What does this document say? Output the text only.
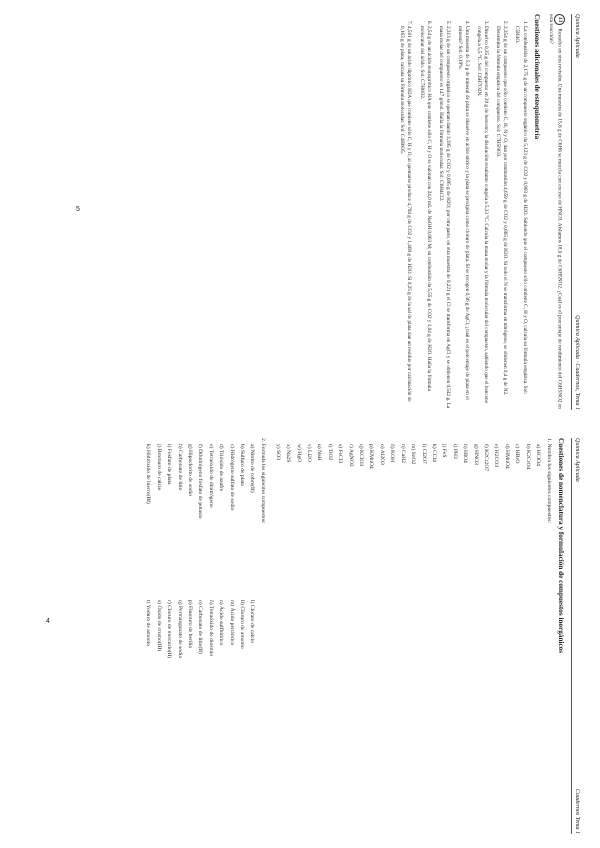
Química Aplicada
Química Aplicada · Cuadernos, Tema 1
13 Resuelto en otra revisión. Una muestra de 15,6 g de C6H6 se mezcla con exceso de HNO3. Aislamos 18,0 g de C6H5NO2. ¿Cuál es el porcentaje de rendimiento del C6H5NO2 en esta reacción?
Cuestiones adicionales de estequiometría
1. La combustión de 2,175 g de un compuesto orgánico da 5,123 g de CO2 y 0,903 g de H2O. Sabiendo que el compuesto sólo contiene C, H y O, calcula su fórmula empírica. Sol: C5H4O.
2. 2,354 g de un compuesto que sólo contiene C, H, N y O, dan por combustión 4,659 g de CO2 y 0,665 g de H2O. Si todo el N se transforma en nitrógeno, se obtienen 0,4 g de N2. Determina la fórmula empírica del compuesto. Sol: C7H5NO3.
3. Disuelvo 0,35 g del compuesto en 20 g de benceno; la disolución resultante congela a 5,33 °C. Calcula la masa molar y la fórmula molecular del compuesto, sabiendo que el benceno congela a 5,5 °C. Sol: C6H7O2N.
4. Una muestra de 5,3 g de mineral de plata se disuelve en ácido nítrico y la plata se precipita como cloruro de plata. Si se recogen 0,36 g de AgCl, ¿cuál es el porcentaje de plata en el mineral? Sol: 0,19%.
5. 2,313 g de un compuesto orgánico se queman dando 3,395 g de CO2 y 0,695 g de H2O; por otra parte, en otra muestra de 0,221 g el Cl se transforma en AgCl y se obtienen 0,542 g. La masa molar del compuesto es 147 g/mol. Halla la fórmula molecular. Sol: C6H4Cl2.
6. 2,54 g de un ácido monoprótico HA que contiene sólo C, H y O se valoran con 24,0 mL de NaOH 0,863 M; su combustión da 5,55 g de CO2 y 1,04 g de H2O. Halla la fórmula molecular del ácido. Sol: C7H6O2.
7. 4,501 g de un ácido diprótico H2A que contiene sólo C, H y O, al quemarse produce 4,794 g de CO2 y 1,469 g de H2O. Si 0,25 g de la sal de plata dan un residuo por calcinación de 0,163 g de plata, calcula su fórmula molecular. Sol: C4H6O5.
5
Química Aplicada
Cuadernos Tema 1
Cuestiones de nomenclatura y formulación de compuestos inorgánicos
1. Nombra los siguientes compuestos:
a) HClO4
b) K2CrO4
c) HBrO
d) HMnO4
e) H2CO3
f) K2Cr2O7
g) HNO3
h) HIO4
i) PH3
j) FeS
k) CCl4
l) Cl2O7
m) SnO2
n) CaH2
ñ) KOH
o) Al2O3
p) KMnO4
q) KClO3
r) AgNO3
s) FeCl3
t) TiO2
u) NaH
v) Li2O
w) HgO
x) Na2S
y) SO3
2. Formula los siguientes compuestos:
a) Nitrito de cobre(II)
b) Sulfuro de plata
c) Hidrógeno sulfato de sodio
d) Trióxido de azufre
e) Tetraóxido de dinitrógeno
f) Dihidrógeno fosfato de potasio
g) Hipoclorito de sodio
h) Carbonato de litio
i) Fosfato de plata
j) Bromuro de calcio
k) Hidróxido de hierro(III)
l) Clorato de calcio
ll) Cloruro de amonio
m) Ácido perclórico
n) Ácido sulfhídrico
ñ) Tetraóxido de diosmio
o) Carbonato de litio(II)
p) Fluoruro de berilio
q) Permanganato de sodio
r) Cloruro de mercurio(II)
s) Óxido de cromo(III)
t) Yoduro de amonio
4
